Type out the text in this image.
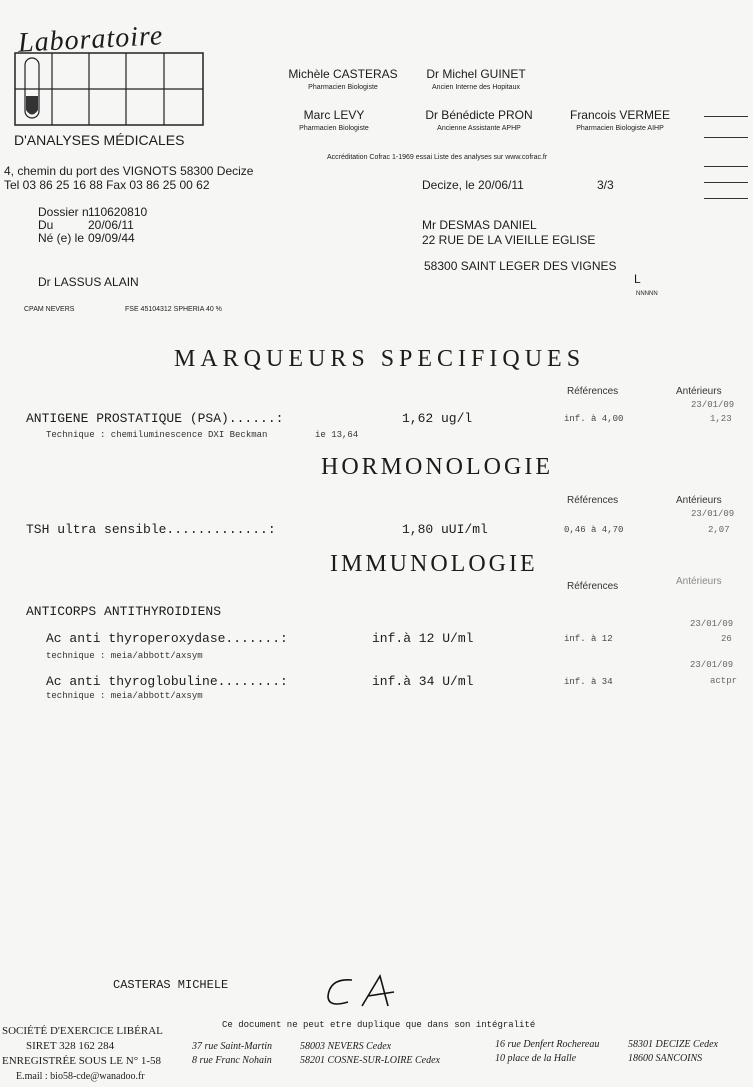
Laboratoire
D'ANALYSES MÉDICALES
4, chemin du port des VIGNOTS 58300 Decize
Tel 03 86 25 16 88 Fax 03 86 25 00 62
Michèle CASTERAS
Pharmacien Biologiste
Dr Michel GUINET
Ancien Interne des Hopitaux
Marc LEVY
Pharmacien Biologiste
Dr Bénédicte PRON
Ancienne Assistante APHP
Francois VERMEE
Pharmacien Biologiste AIHP
Accréditation Cofrac 1-1969 essai Liste des analyses sur www.cofrac.fr
Decize, le 20/06/11	3/3
Dossier n110620810
Du	20/06/11
Né (e) le 09/09/44
Dr LASSUS ALAIN
CPAM NEVERS	FSE 45104312 SPHERIA 40 %
Mr DESMAS DANIEL
22 RUE DE LA VIEILLE EGLISE
58300 SAINT LEGER DES VIGNES
L
NNNNN
MARQUEURS SPECIFIQUES
Références	Antérieurs
23/01/09
ANTIGENE PROSTATIQUE (PSA)......:	1,62 ug/l	inf. à 4,00	1,23
Technique : chemiluminescence DXI Beckman	ie 13,64
HORMONOLOGIE
Références	Antérieurs
23/01/09
TSH ultra sensible.............:	1,80 uUI/ml	0,46 à 4,70	2,07
IMMUNOLOGIE
Références	Antérieurs
ANTICORPS ANTITHYROIDIENS
23/01/09
Ac anti thyroperoxydase.......:	inf.à 12 U/ml	inf. à 12	26
technique : meia/abbott/axsym
23/01/09
Ac anti thyroglobuline........:	inf.à 34 U/ml	inf. à 34	actpr
technique : meia/abbott/axsym
CASTERAS MICHELE
SOCIÉTÉ D'EXERCICE LIBÉRAL
SIRET 328 162 284
ENREGISTRÉE SOUS LE N° 1-58
E.mail : bio58-cde@wanadoo.fr
Ce document ne peut etre duplique que dans son intégralité
37 rue Saint-Martin
8 rue Franc Nohain
58003 NEVERS Cedex
58201 COSNE-SUR-LOIRE Cedex
16 rue Denfert Rochereau
10 place de la Halle
58301 DECIZE Cedex
18600 SANCOINS
